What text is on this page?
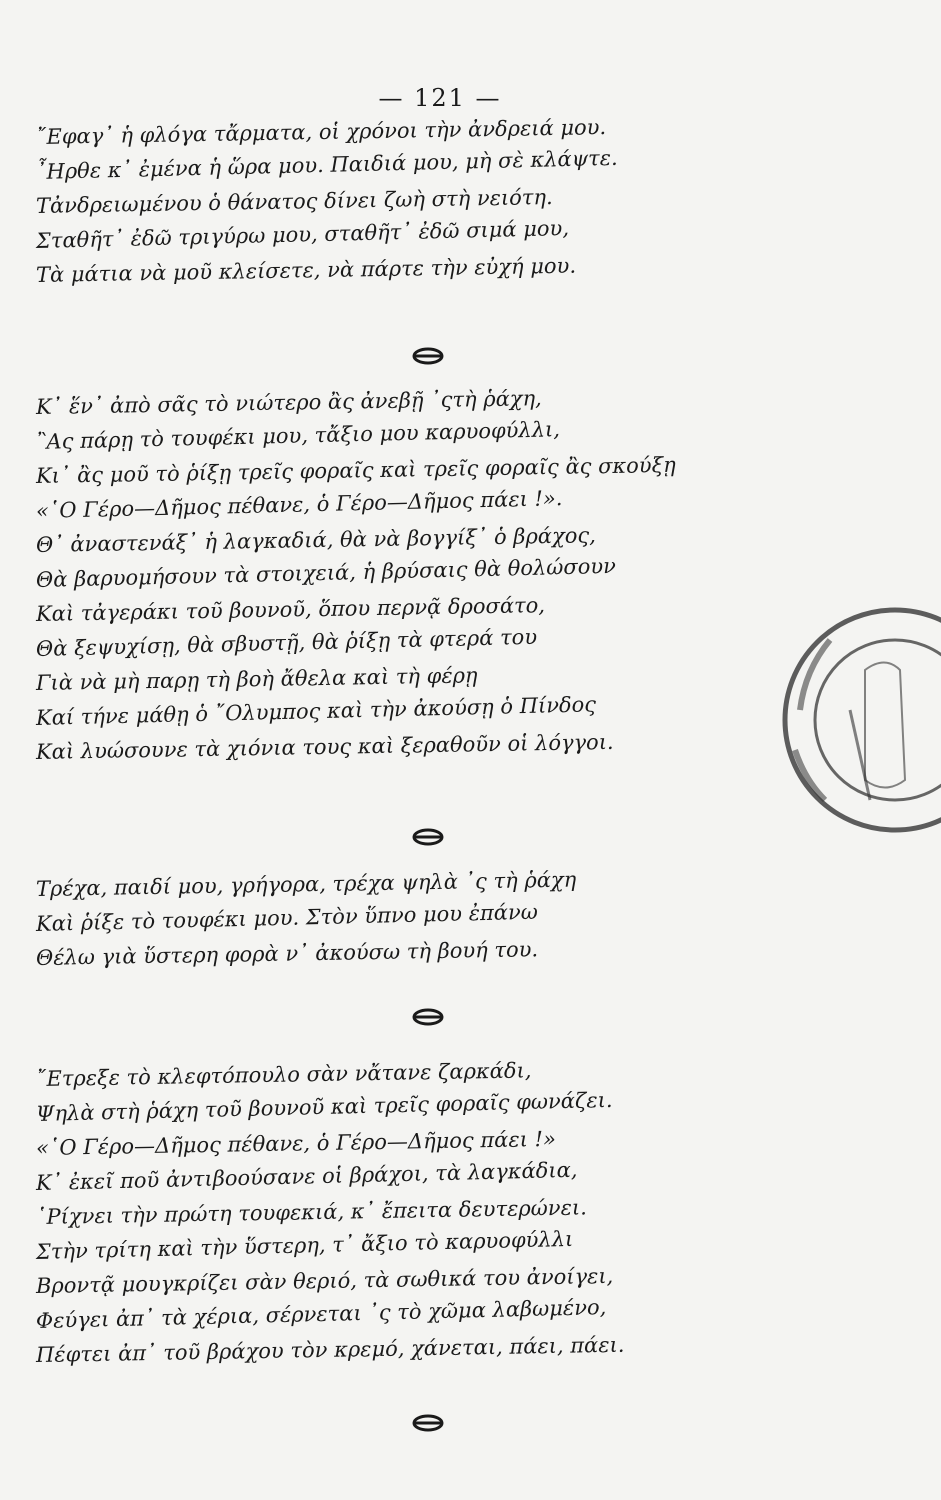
— 121 —
῎Εφαγ᾿ ἡ φλόγα τἄρματα, οἱ χρόνοι τὴν ἀνδρειά μου.
῏Ηρθε κ᾿ ἐμένα ἡ ὥρα μου. Παιδιά μου, μὴ σὲ κλάψτε.
Τἀνδρειωμένου ὁ θάνατος δίνει ζωὴ στὴ νειότη.
Σταθῆτ᾿ ἐδῶ τριγύρω μου, σταθῆτ᾿ ἐδῶ σιμά μου,
Τὰ μάτια νὰ μοῦ κλείσετε, νὰ πάρτε τὴν εὐχή μου.
Κ᾿ ἕν᾿ ἀπὸ σᾶς τὸ νιώτερο ἂς ἀνεβῇ ᾿ςτὴ ῥάχη,
῍Ας πάρῃ τὸ τουφέκι μου, τἄξιο μου καρυοφύλλι,
Κι᾿ ἂς μοῦ τὸ ῥίξῃ τρεῖς φοραῖς καὶ τρεῖς φοραῖς ἂς σκούξῃ
«῾Ο Γέρο—Δῆμος πέθανε, ὁ Γέρο—Δῆμος πάει !».
Θ᾿ ἀναστενάξ᾿ ἡ λαγκαδιά, θὰ νὰ βογγίξ᾿ ὁ βράχος,
Θὰ βαρυομήσουν τὰ στοιχειά, ἡ βρύσαις θὰ θολώσουν
Καὶ τἀγεράκι τοῦ βουνοῦ, ὅπου περνᾷ δροσάτο,
Θὰ ξεψυχίσῃ, θὰ σβυστῇ, θὰ ῥίξῃ τὰ φτερά του
Γιὰ νὰ μὴ παρῃ τὴ βοὴ ἄθελα καὶ τὴ φέρῃ
Καί τήνε μάθῃ ὁ ῎Ολυμπος καὶ τὴν ἀκούσῃ ὁ Πίνδος
Καὶ λυώσουνε τὰ χιόνια τους καὶ ξεραθοῦν οἱ λόγγοι.
Τρέχα, παιδί μου, γρήγορα, τρέχα ψηλὰ ᾿ς τὴ ῥάχη
Καὶ ῥίξε τὸ τουφέκι μου. Στὸν ὕπνο μου ἐπάνω
Θέλω γιὰ ὕστερη φορὰ ν᾿ ἀκούσω τὴ βουή του.
῎Ετρεξε τὸ κλεφτόπουλο σὰν νἄτανε ζαρκάδι,
Ψηλὰ στὴ ῥάχη τοῦ βουνοῦ καὶ τρεῖς φοραῖς φωνάζει.
«῾Ο Γέρο—Δῆμος πέθανε, ὁ Γέρο—Δῆμος πάει !»
Κ᾿ ἐκεῖ ποῦ ἀντιβοούσανε οἱ βράχοι, τὰ λαγκάδια,
῾Ρίχνει τὴν πρώτη τουφεκιά, κ᾿ ἔπειτα δευτερώνει.
Στὴν τρίτη καὶ τὴν ὕστερη, τ᾿ ἄξιο τὸ καρυοφύλλι
Βροντᾷ μουγκρίζει σὰν θεριό, τὰ σωθικά του ἀνοίγει,
Φεύγει ἀπ᾿ τὰ χέρια, σέρνεται ᾿ς τὸ χῶμα λαβωμένο,
Πέφτει ἀπ᾿ τοῦ βράχου τὸν κρεμό, χάνεται, πάει, πάει.
